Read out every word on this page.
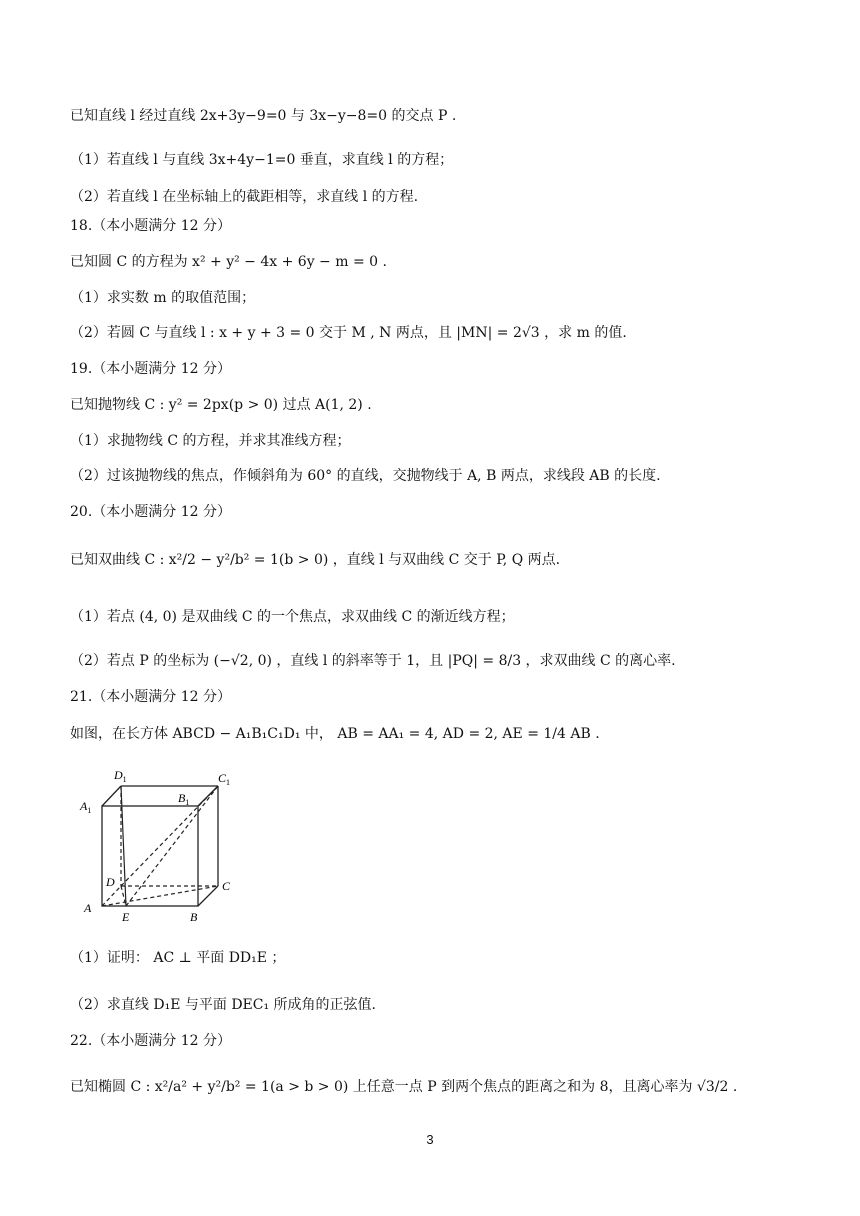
已知直线 l 经过直线 2x+3y−9=0 与 3x−y−8=0 的交点 P .
（1）若直线 l 与直线 3x+4y−1=0 垂直，求直线 l 的方程；
（2）若直线 l 在坐标轴上的截距相等，求直线 l 的方程.
18.（本小题满分 12 分）
已知圆 C 的方程为 x² + y² − 4x + 6y − m = 0 .
（1）求实数 m 的取值范围；
（2）若圆 C 与直线 l : x + y + 3 = 0 交于 M , N 两点，且 |MN| = 2√3 ，求 m 的值.
19.（本小题满分 12 分）
已知抛物线 C : y² = 2px(p > 0) 过点 A(1, 2) .
（1）求抛物线 C 的方程，并求其准线方程；
（2）过该抛物线的焦点，作倾斜角为 60° 的直线，交抛物线于 A, B 两点，求线段 AB 的长度.
20.（本小题满分 12 分）
已知双曲线 C : x²/2 − y²/b² = 1(b > 0) ，直线 l 与双曲线 C 交于 P, Q 两点.
（1）若点 (4, 0) 是双曲线 C 的一个焦点，求双曲线 C 的渐近线方程；
（2）若点 P 的坐标为 (−√2, 0) ，直线 l 的斜率等于 1，且 |PQ| = 8/3 ，求双曲线 C 的离心率.
21.（本小题满分 12 分）
如图，在长方体 ABCD − A₁B₁C₁D₁ 中， AB = AA₁ = 4, AD = 2, AE = 1/4 AB .
（1）证明： AC ⊥ 平面 DD₁E ；
（2）求直线 D₁E 与平面 DEC₁ 所成角的正弦值.
22.（本小题满分 12 分）
已知椭圆 C : x²/a² + y²/b² = 1(a > b > 0) 上任意一点 P 到两个焦点的距离之和为 8，且离心率为 √3/2 .
$D_1$	$C_1$
$A_1$
$B_1$
D	C
A
E	B
3
